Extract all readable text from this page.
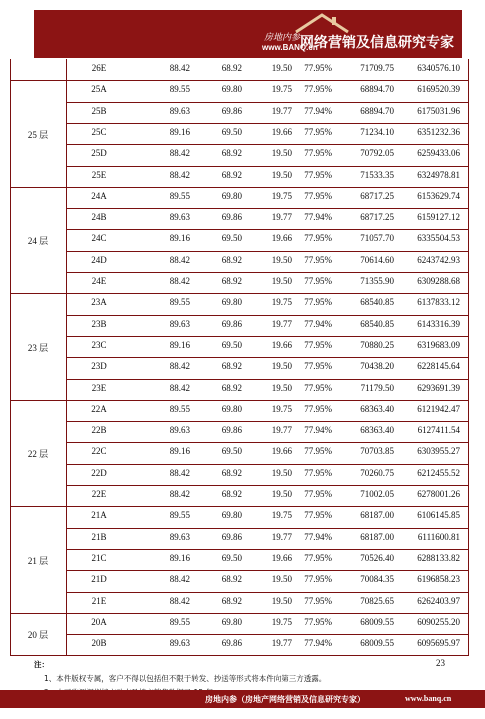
房地内参
www.BANQ.cn
网络营销及信息研究专家
26E	88.42	68.92	19.50	77.95%	71709.75	6340576.10
25A	89.55	69.80	19.75	77.95%	68894.70	6169520.39
25B	89.63	69.86	19.77	77.94%	68894.70	6175031.96
25C	89.16	69.50	19.66	77.95%	71234.10	6351232.36
25D	88.42	68.92	19.50	77.95%	70792.05	6259433.06
25E	88.42	68.92	19.50	77.95%	71533.35	6324978.81
25 层
24A	89.55	69.80	19.75	77.95%	68717.25	6153629.74
24B	89.63	69.86	19.77	77.94%	68717.25	6159127.12
24C	89.16	69.50	19.66	77.95%	71057.70	6335504.53
24D	88.42	68.92	19.50	77.95%	70614.60	6243742.93
24E	88.42	68.92	19.50	77.95%	71355.90	6309288.68
24 层
23A	89.55	69.80	19.75	77.95%	68540.85	6137833.12
23B	89.63	69.86	19.77	77.94%	68540.85	6143316.39
23C	89.16	69.50	19.66	77.95%	70880.25	6319683.09
23D	88.42	68.92	19.50	77.95%	70438.20	6228145.64
23E	88.42	68.92	19.50	77.95%	71179.50	6293691.39
23 层
22A	89.55	69.80	19.75	77.95%	68363.40	6121942.47
22B	89.63	69.86	19.77	77.94%	68363.40	6127411.54
22C	89.16	69.50	19.66	77.95%	70703.85	6303955.27
22D	88.42	68.92	19.50	77.95%	70260.75	6212455.52
22E	88.42	68.92	19.50	77.95%	71002.05	6278001.26
22 层
21A	89.55	69.80	19.75	77.95%	68187.00	6106145.85
21B	89.63	69.86	19.77	77.94%	68187.00	6111600.81
21C	89.16	69.50	19.66	77.95%	70526.40	6288133.82
21D	88.42	68.92	19.50	77.95%	70084.35	6196858.23
21E	88.42	68.92	19.50	77.95%	70825.65	6262403.97
21 层
20A	89.55	69.80	19.75	77.95%	68009.55	6090255.20
20B	89.63	69.86	19.77	77.94%	68009.55	6095695.97
20 层
注：
1、本件版权专属，客户不得以包括但不限于转发、抄送等形式将本件向第三方透露。
23
房地内参（房地产网络营销及信息研究专家）	www.banq.cn
